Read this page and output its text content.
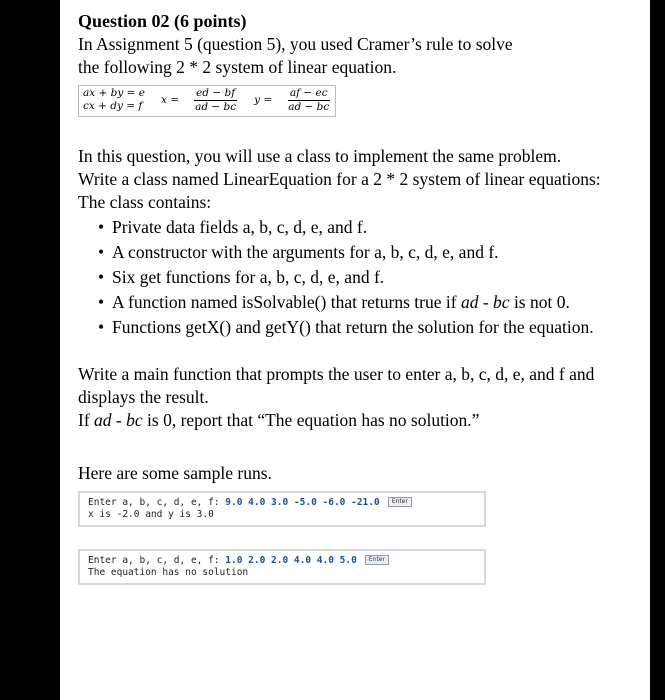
Question 02 (6 points)

In Assignment 5 (question 5), you used Cramer’s rule to solve

the following 2 * 2 system of linear equation.

ax + by = e
cx + dy = f
$x = \frac{ed - bf}{ad - bc}$ $y = \frac{af - ec}{ad - bc}$

In this question, you will use a class to implement the same problem.

Write a class named LinearEquation for a 2 * 2 system of linear equations:

The class contains:

• Private data fields a, b, c, d, e, and f.
• A constructor with the arguments for a, b, c, d, e, and f.
• Six get functions for a, b, c, d, e, and f.
• A function named isSolvable() that returns true if ad - bc is not 0.
• Functions getX() and getY() that return the solution for the equation.

Write a main function that prompts the user to enter a, b, c, d, e, and f and displays the result.

If ad - bc is 0, report that “The equation has no solution.”

Here are some sample runs.

Enter a, b, c, d, e, f: 9.0 4.0 3.0 -5.0 -6.0 -21.0 Enter
x is -2.0 and y is 3.0
Enter a, b, c, d, e, f: 1.0 2.0 2.0 4.0 4.0 5.0 Enter
The equation has no solution
